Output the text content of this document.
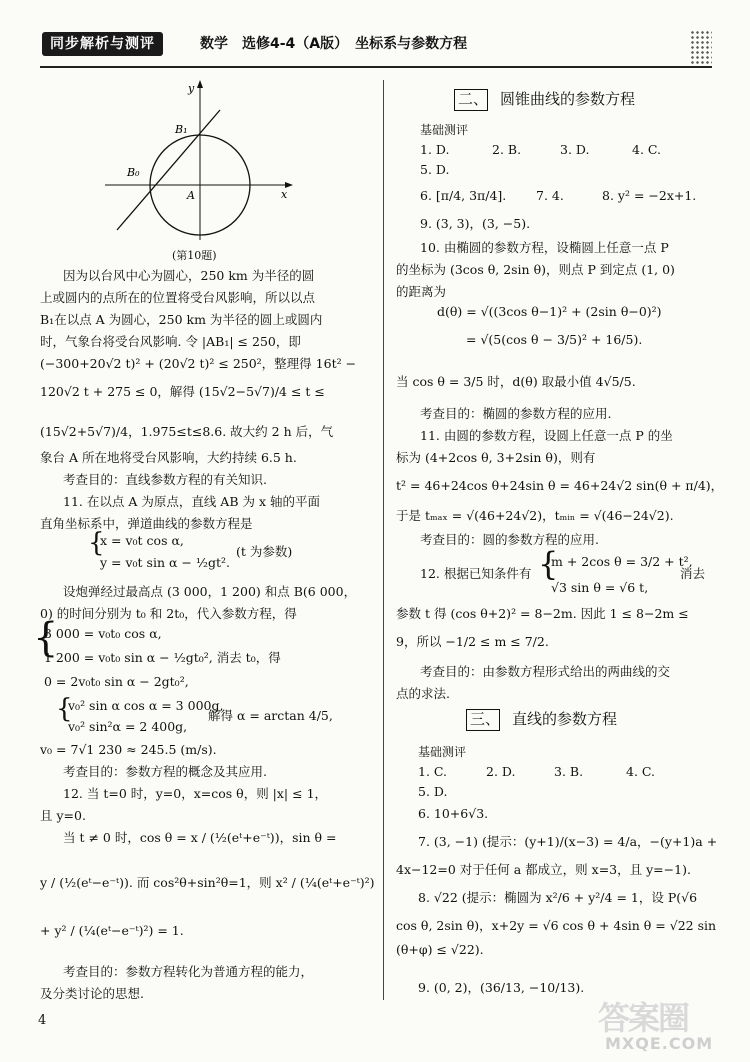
同步解析与测评	数学　选修4-4（A版）　坐标系与参数方程
y
x
B₁
B₀
A
(第10题)
因为以台风中心为圆心，250 km 为半径的圆
上或圆内的点所在的位置将受台风影响，所以以点
B₁在以点 A 为圆心，250 km 为半径的圆上或圆内
时，气象台将受台风影响. 令 |AB₁| ≤ 250，即
(−300+20√2 t)² + (20√2 t)² ≤ 250²，整理得 16t² −
120√2 t + 275 ≤ 0，解得 (15√2−5√7)/4 ≤ t ≤
(15√2+5√7)/4，1.975≤t≤8.6. 故大约 2 h 后，气
象台 A 所在地将受台风影响，大约持续 6.5 h.
考查目的：直线参数方程的有关知识.
11. 在以点 A 为原点，直线 AB 为 x 轴的平面
直角坐标系中，弹道曲线的参数方程是
{
x = v₀t cos α,
y = v₀t sin α − ½gt².
(t 为参数)
设炮弹经过最高点 (3 000，1 200) 和点 B(6 000，
0) 的时间分别为 t₀ 和 2t₀，代入参数方程，得
{
3 000 = v₀t₀ cos α,
1 200 = v₀t₀ sin α − ½gt₀², 消去 t₀，得
0 = 2v₀t₀ sin α − 2gt₀²,
{
v₀² sin α cos α = 3 000g,
v₀² sin²α = 2 400g,
解得 α = arctan 4/5,
v₀ = 7√1 230 ≈ 245.5 (m/s).
考查目的：参数方程的概念及其应用.
12. 当 t=0 时，y=0，x=cos θ，则 |x| ≤ 1，
且 y=0.
当 t ≠ 0 时，cos θ = x / (½(eᵗ+e⁻ᵗ))，sin θ =
y / (½(eᵗ−e⁻ᵗ)). 而 cos²θ+sin²θ=1，则 x² / (¼(eᵗ+e⁻ᵗ)²)
+ y² / (¼(eᵗ−e⁻ᵗ)²) = 1.
考查目的：参数方程转化为普通方程的能力，
及分类讨论的思想.
4
二、 圆锥曲线的参数方程
基础测评
1. D.	2. B.	3. D.	4. C.
5. D.
6. [π/4, 3π/4]. 7. 4.	8. y² = −2x+1.
9. (3, 3)，(3, −5).
10. 由椭圆的参数方程，设椭圆上任意一点 P
的坐标为 (3cos θ, 2sin θ)，则点 P 到定点 (1, 0)
的距离为
d(θ) = √((3cos θ−1)² + (2sin θ−0)²)
= √(5(cos θ − 3/5)² + 16/5).
当 cos θ = 3/5 时，d(θ) 取最小值 4√5/5.
考查目的：椭圆的参数方程的应用.
11. 由圆的参数方程，设圆上任意一点 P 的坐
标为 (4+2cos θ, 3+2sin θ)，则有
t² = 46+24cos θ+24sin θ = 46+24√2 sin(θ + π/4)，
于是 tₘₐₓ = √(46+24√2)，tₘᵢₙ = √(46−24√2).
考查目的：圆的参数方程的应用.
12. 根据已知条件有 {
m + 2cos θ = 3/2 + t²,
√3 sin θ = √6 t,
消去
参数 t 得 (cos θ+2)² = 8−2m. 因此 1 ≤ 8−2m ≤
9，所以 −1/2 ≤ m ≤ 7/2.
考查目的：由参数方程形式给出的两曲线的交
点的求法.
三、 直线的参数方程
基础测评
1. C.	2. D.	3. B.	4. C.
5. D.
6. 10+6√3.
7. (3, −1) (提示：(y+1)/(x−3) = 4/a，−(y+1)a +
4x−12=0 对于任何 a 都成立，则 x=3，且 y=−1).
8. √22 (提示：椭圆为 x²/6 + y²/4 = 1，设 P(√6
cos θ, 2sin θ)，x+2y = √6 cos θ + 4sin θ = √22 sin
(θ+φ) ≤ √22).
9. (0, 2)，(36/13, −10/13).
答案圈
MXQE.COM
